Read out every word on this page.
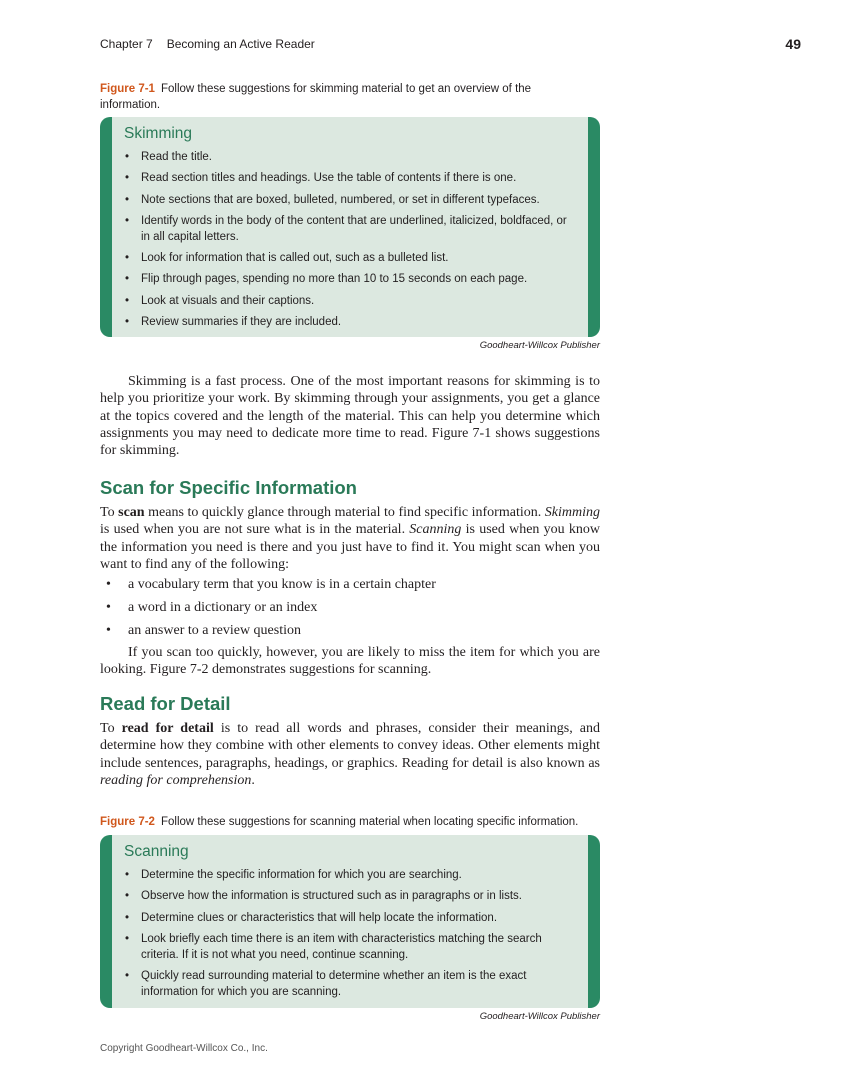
Chapter 7 Becoming an Active Reader	49
Figure 7-1 Follow these suggestions for skimming material to get an overview of the information.
Skimming
• Read the title.
• Read section titles and headings. Use the table of contents if there is one.
• Note sections that are boxed, bulleted, numbered, or set in different typefaces.
• Identify words in the body of the content that are underlined, italicized, boldfaced, or in all capital letters.
• Look for information that is called out, such as a bulleted list.
• Flip through pages, spending no more than 10 to 15 seconds on each page.
• Look at visuals and their captions.
• Review summaries if they are included.
Goodheart-Willcox Publisher

Skimming is a fast process. One of the most important reasons for skimming is to help you prioritize your work. By skimming through your assignments, you get a glance at the topics covered and the length of the material. This can help you determine which assignments you may need to dedicate more time to read. Figure 7-1 shows suggestions for skimming.

Scan for Specific Information

To scan means to quickly glance through material to find specific information. Skimming is used when you are not sure what is in the material. Scanning is used when you know the information you need is there and you just have to find it. You might scan when you want to find any of the following:

• a vocabulary term that you know is in a certain chapter
• a word in a dictionary or an index
• an answer to a review question

If you scan too quickly, however, you are likely to miss the item for which you are looking. Figure 7-2 demonstrates suggestions for scanning.

Read for Detail

To read for detail is to read all words and phrases, consider their meanings, and determine how they combine with other elements to convey ideas. Other elements might include sentences, paragraphs, headings, or graphics. Reading for detail is also known as reading for comprehension.

Figure 7-2 Follow these suggestions for scanning material when locating specific information.
Scanning
• Determine the specific information for which you are searching.
• Observe how the information is structured such as in paragraphs or in lists.
• Determine clues or characteristics that will help locate the information.
• Look briefly each time there is an item with characteristics matching the search criteria. If it is not what you need, continue scanning.
• Quickly read surrounding material to determine whether an item is the exact information for which you are scanning.
Goodheart-Willcox Publisher
Copyright Goodheart-Willcox Co., Inc.
